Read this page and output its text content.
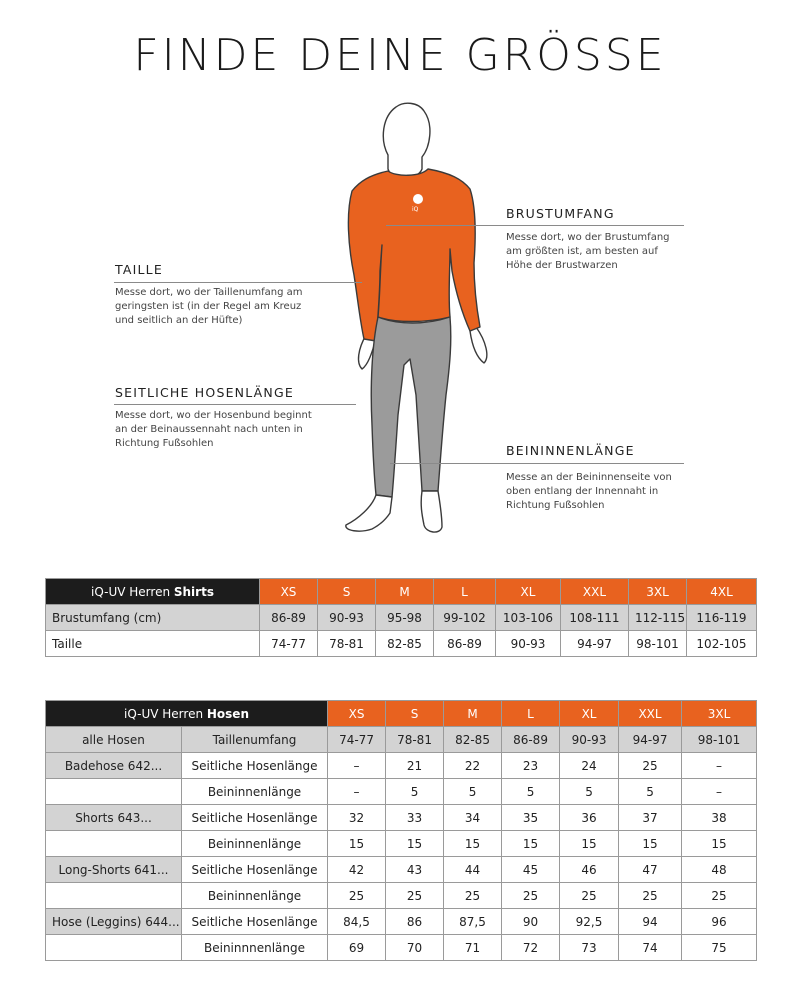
FINDE DEINE GRÖSSE
iQ	BRUSTUMFANG
Messe dort, wo der Brustumfang
am größten ist, am besten auf
Höhe der Brustwarzen
TAILLE
Messe dort, wo der Taillenumfang am
geringsten ist (in der Regel am Kreuz
und seitlich an der Hüfte)
SEITLICHE HOSENLÄNGE
Messe dort, wo der Hosenbund beginnt
an der Beinaussennaht nach unten in
Richtung Fußsohlen	BEININNENLÄNGE
Messe an der Beininnenseite von
oben entlang der Innennaht in
Richtung Fußsohlen
iQ-UV Herren Shirts	XS	S	M	L	XL	XXL	3XL	4XL
Brustumfang (cm)	86-89	90-93	95-98	99-102	103-106	108-111	112-115	116-119
Taille	74-77	78-81	82-85	86-89	90-93	94-97	98-101	102-105
iQ-UV Herren Hosen		XS	S	M	L	XL	XXL	3XL
alle Hosen	Taillenumfang	74-77	78-81	82-85	86-89	90-93	94-97	98-101
Badehose 642...	Seitliche Hosenlänge	–	21	22	23	24	25	–
	Beininnenlänge	–	5	5	5	5	5	–
Shorts 643...	Seitliche Hosenlänge	32	33	34	35	36	37	38
	Beininnenlänge	15	15	15	15	15	15	15
Long-Shorts 641...	Seitliche Hosenlänge	42	43	44	45	46	47	48
	Beininnenlänge	25	25	25	25	25	25	25
Hose (Leggins) 644...	Seitliche Hosenlänge	84,5	86	87,5	90	92,5	94	96
	Beininnnenlänge	69	70	71	72	73	74	75
